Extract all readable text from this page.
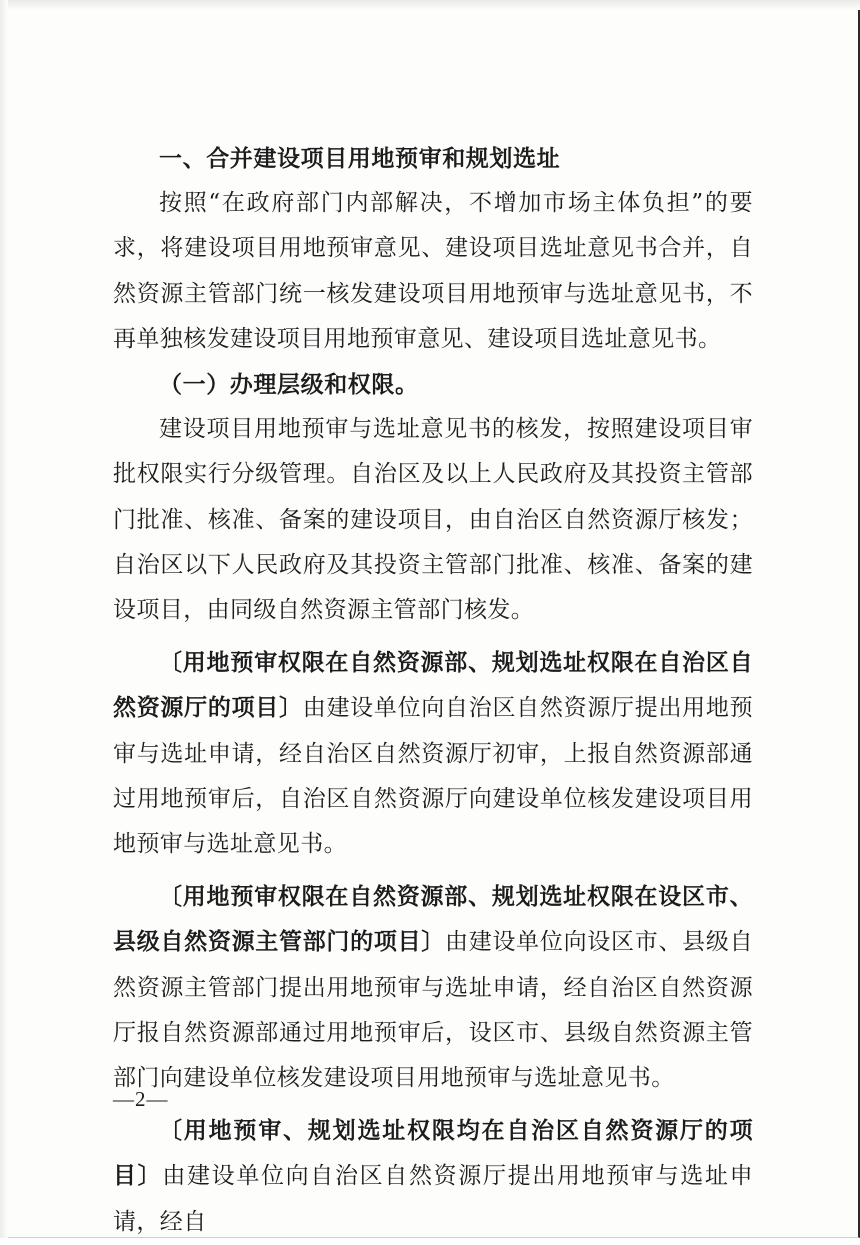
一、合并建设项目用地预审和规划选址

按照“在政府部门内部解决，不增加市场主体负担”的要求，将建设项目用地预审意见、建设项目选址意见书合并，自然资源主管部门统一核发建设项目用地预审与选址意见书，不再单独核发建设项目用地预审意见、建设项目选址意见书。

（一）办理层级和权限。

建设项目用地预审与选址意见书的核发，按照建设项目审批权限实行分级管理。自治区及以上人民政府及其投资主管部门批准、核准、备案的建设项目，由自治区自然资源厅核发；自治区以下人民政府及其投资主管部门批准、核准、备案的建设项目，由同级自然资源主管部门核发。

〔用地预审权限在自然资源部、规划选址权限在自治区自然资源厅的项目〕由建设单位向自治区自然资源厅提出用地预审与选址申请，经自治区自然资源厅初审，上报自然资源部通过用地预审后，自治区自然资源厅向建设单位核发建设项目用地预审与选址意见书。

〔用地预审权限在自然资源部、规划选址权限在设区市、县级自然资源主管部门的项目〕由建设单位向设区市、县级自然资源主管部门提出用地预审与选址申请，经自治区自然资源厅报自然资源部通过用地预审后，设区市、县级自然资源主管部门向建设单位核发建设项目用地预审与选址意见书。

〔用地预审、规划选址权限均在自治区自然资源厅的项目〕由建设单位向自治区自然资源厅提出用地预审与选址申请，经自

—2—
